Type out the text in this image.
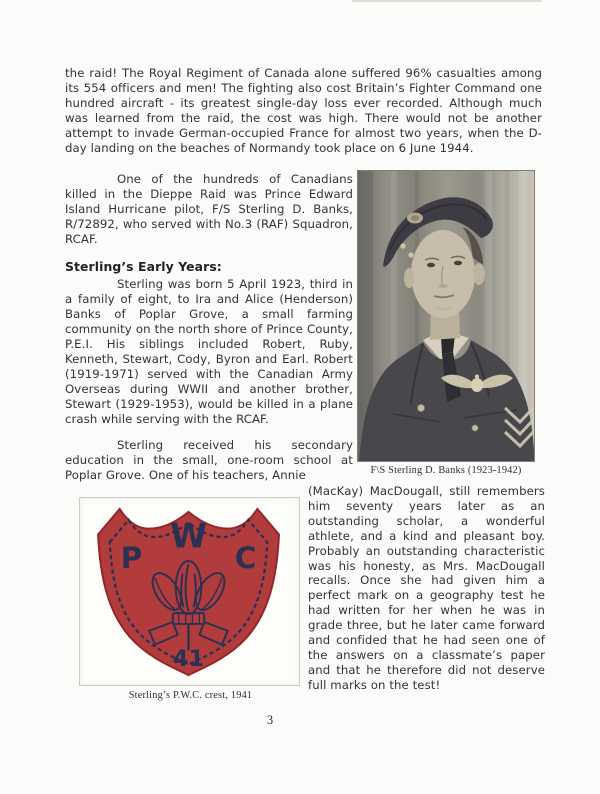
the raid! The Royal Regiment of Canada alone suffered 96% casualties among its 554 officers and men! The fighting also cost Britain’s Fighter Command one hundred aircraft - its greatest single-day loss ever recorded. Although much was learned from the raid, the cost was high. There would not be another attempt to invade German-occupied France for almost two years, when the D-day landing on the beaches of Normandy took place on 6 June 1944.
One of the hundreds of Canadians killed in the Dieppe Raid was Prince Edward Island Hurricane pilot, F/S Sterling D. Banks, R/72892, who served with No.3 (RAF) Squadron, RCAF.
Sterling’s Early Years:
Sterling was born 5 April 1923, third in a family of eight, to Ira and Alice (Henderson) Banks of Poplar Grove, a small farming community on the north shore of Prince County, P.E.I. His siblings included Robert, Ruby, Kenneth, Stewart, Cody, Byron and Earl. Robert (1919-1971) served with the Canadian Army Overseas during WWII and another brother, Stewart (1929-1953), would be killed in a plane crash while serving with the RCAF.
Sterling received his secondary education in the small, one-room school at Poplar Grove. One of his teachers, Annie
(MacKay) MacDougall, still remembers him seventy years later as an outstanding scholar, a wonderful athlete, and a kind and pleasant boy. Probably an outstanding characteristic was his honesty, as Mrs. MacDougall recalls. Once she had given him a perfect mark on a geography test he had written for her when he was in grade three, but he later came forward and confided that he had seen one of the answers on a classmate’s paper and that he therefore did not deserve full marks on the test!
F\S Sterling D. Banks (1923-1942)
P
W
C
41
Sterling’s P.W.C. crest, 1941
3
